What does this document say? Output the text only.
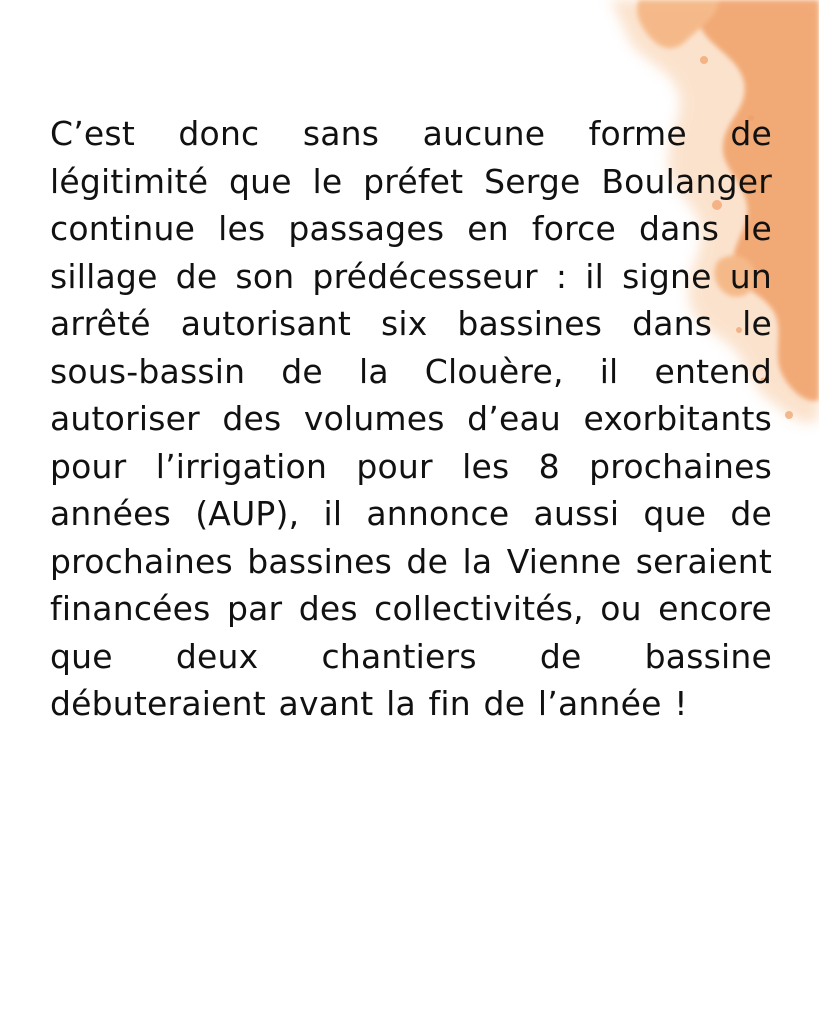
C’est donc sans aucune forme de légitimité que le préfet Serge Boulanger continue les passages en force dans le sillage de son prédécesseur : il signe un arrêté autorisant six bassines dans le sous-bassin de la Clouère, il entend autoriser des volumes d’eau exorbitants pour l’irrigation pour les 8 prochaines années (AUP), il annonce aussi que de prochaines bassines de la Vienne seraient financées par des collectivités, ou encore que deux chantiers de bassine débuteraient avant la fin de l’année !
